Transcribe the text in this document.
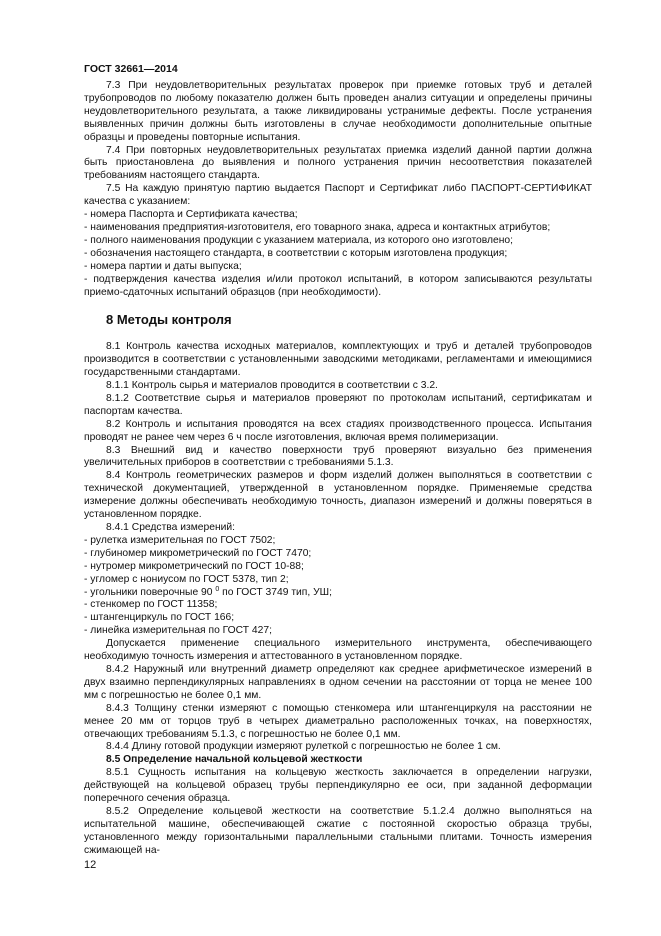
ГОСТ 32661—2014

7.3 При неудовлетворительных результатах проверок при приемке готовых труб и деталей трубопроводов по любому показателю должен быть проведен анализ ситуации и определены причины неудовлетворительного результата, а также ликвидированы устранимые дефекты. После устранения выявленных причин должны быть изготовлены в случае необходимости дополнительные опытные образцы и проведены повторные испытания.

7.4 При повторных неудовлетворительных результатах приемка изделий данной партии должна быть приостановлена до выявления и полного устранения причин несоответствия показателей требованиям настоящего стандарта.

7.5 На каждую принятую партию выдается Паспорт и Сертификат либо ПАСПОРТ-СЕРТИФИКАТ качества с указанием:

- номера Паспорта и Сертификата качества;

- наименования предприятия-изготовителя, его товарного знака, адреса и контактных атрибутов;

- полного наименования продукции с указанием материала, из которого оно изготовлено;

- обозначения настоящего стандарта, в соответствии с которым изготовлена продукция;

- номера партии и даты выпуска;

- подтверждения качества изделия и/или протокол испытаний, в котором записываются результаты приемо-сдаточных испытаний образцов (при необходимости).

8 Методы контроля

8.1 Контроль качества исходных материалов, комплектующих и труб и деталей трубопроводов производится в соответствии с установленными заводскими методиками, регламентами и имеющимися государственными стандартами.

8.1.1 Контроль сырья и материалов проводится в соответствии с 3.2.

8.1.2 Соответствие сырья и материалов проверяют по протоколам испытаний, сертификатам и паспортам качества.

8.2 Контроль и испытания проводятся на всех стадиях производственного процесса. Испытания проводят не ранее чем через 6 ч после изготовления, включая время полимеризации.

8.3 Внешний вид и качество поверхности труб проверяют визуально без применения увеличительных приборов в соответствии с требованиями 5.1.3.

8.4 Контроль геометрических размеров и форм изделий должен выполняться в соответствии с технической документацией, утвержденной в установленном порядке. Применяемые средства измерение должны обеспечивать необходимую точность, диапазон измерений и должны поверяться в установленном порядке.

8.4.1 Средства измерений:

- рулетка измерительная по ГОСТ 7502;

- глубиномер микрометрический по ГОСТ 7470;

- нутромер микрометрический по ГОСТ 10-88;

- угломер с нониусом по ГОСТ 5378, тип 2;

- угольники поверочные 90 $^0$ по ГОСТ 3749 тип, УШ;

- стенкомер по ГОСТ 11358;

- штангенциркуль по ГОСТ 166;

- линейка измерительная по ГОСТ 427;

Допускается применение специального измерительного инструмента, обеспечивающего необходимую точность измерения и аттестованного в установленном порядке.

8.4.2 Наружный или внутренний диаметр определяют как среднее арифметическое измерений в двух взаимно перпендикулярных направлениях в одном сечении на расстоянии от торца не менее 100 мм с погрешностью не более 0,1 мм.

8.4.3 Толщину стенки измеряют с помощью стенкомера или штангенциркуля на расстоянии не менее 20 мм от торцов труб в четырех диаметрально расположенных точках, на поверхностях, отвечающих требованиям 5.1.3, с погрешностью не более 0,1 мм.

8.4.4 Длину готовой продукции измеряют рулеткой с погрешностью не более 1 см.

8.5 Определение начальной кольцевой жесткости

8.5.1 Сущность испытания на кольцевую жесткость заключается в определении нагрузки, действующей на кольцевой образец трубы перпендикулярно ее оси, при заданной деформации поперечного сечения образца.

8.5.2 Определение кольцевой жесткости на соответствие 5.1.2.4 должно выполняться на испытательной машине, обеспечивающей сжатие с постоянной скоростью образца трубы, установленного между горизонтальными параллельными стальными плитами. Точность измерения сжимающей на-

12
